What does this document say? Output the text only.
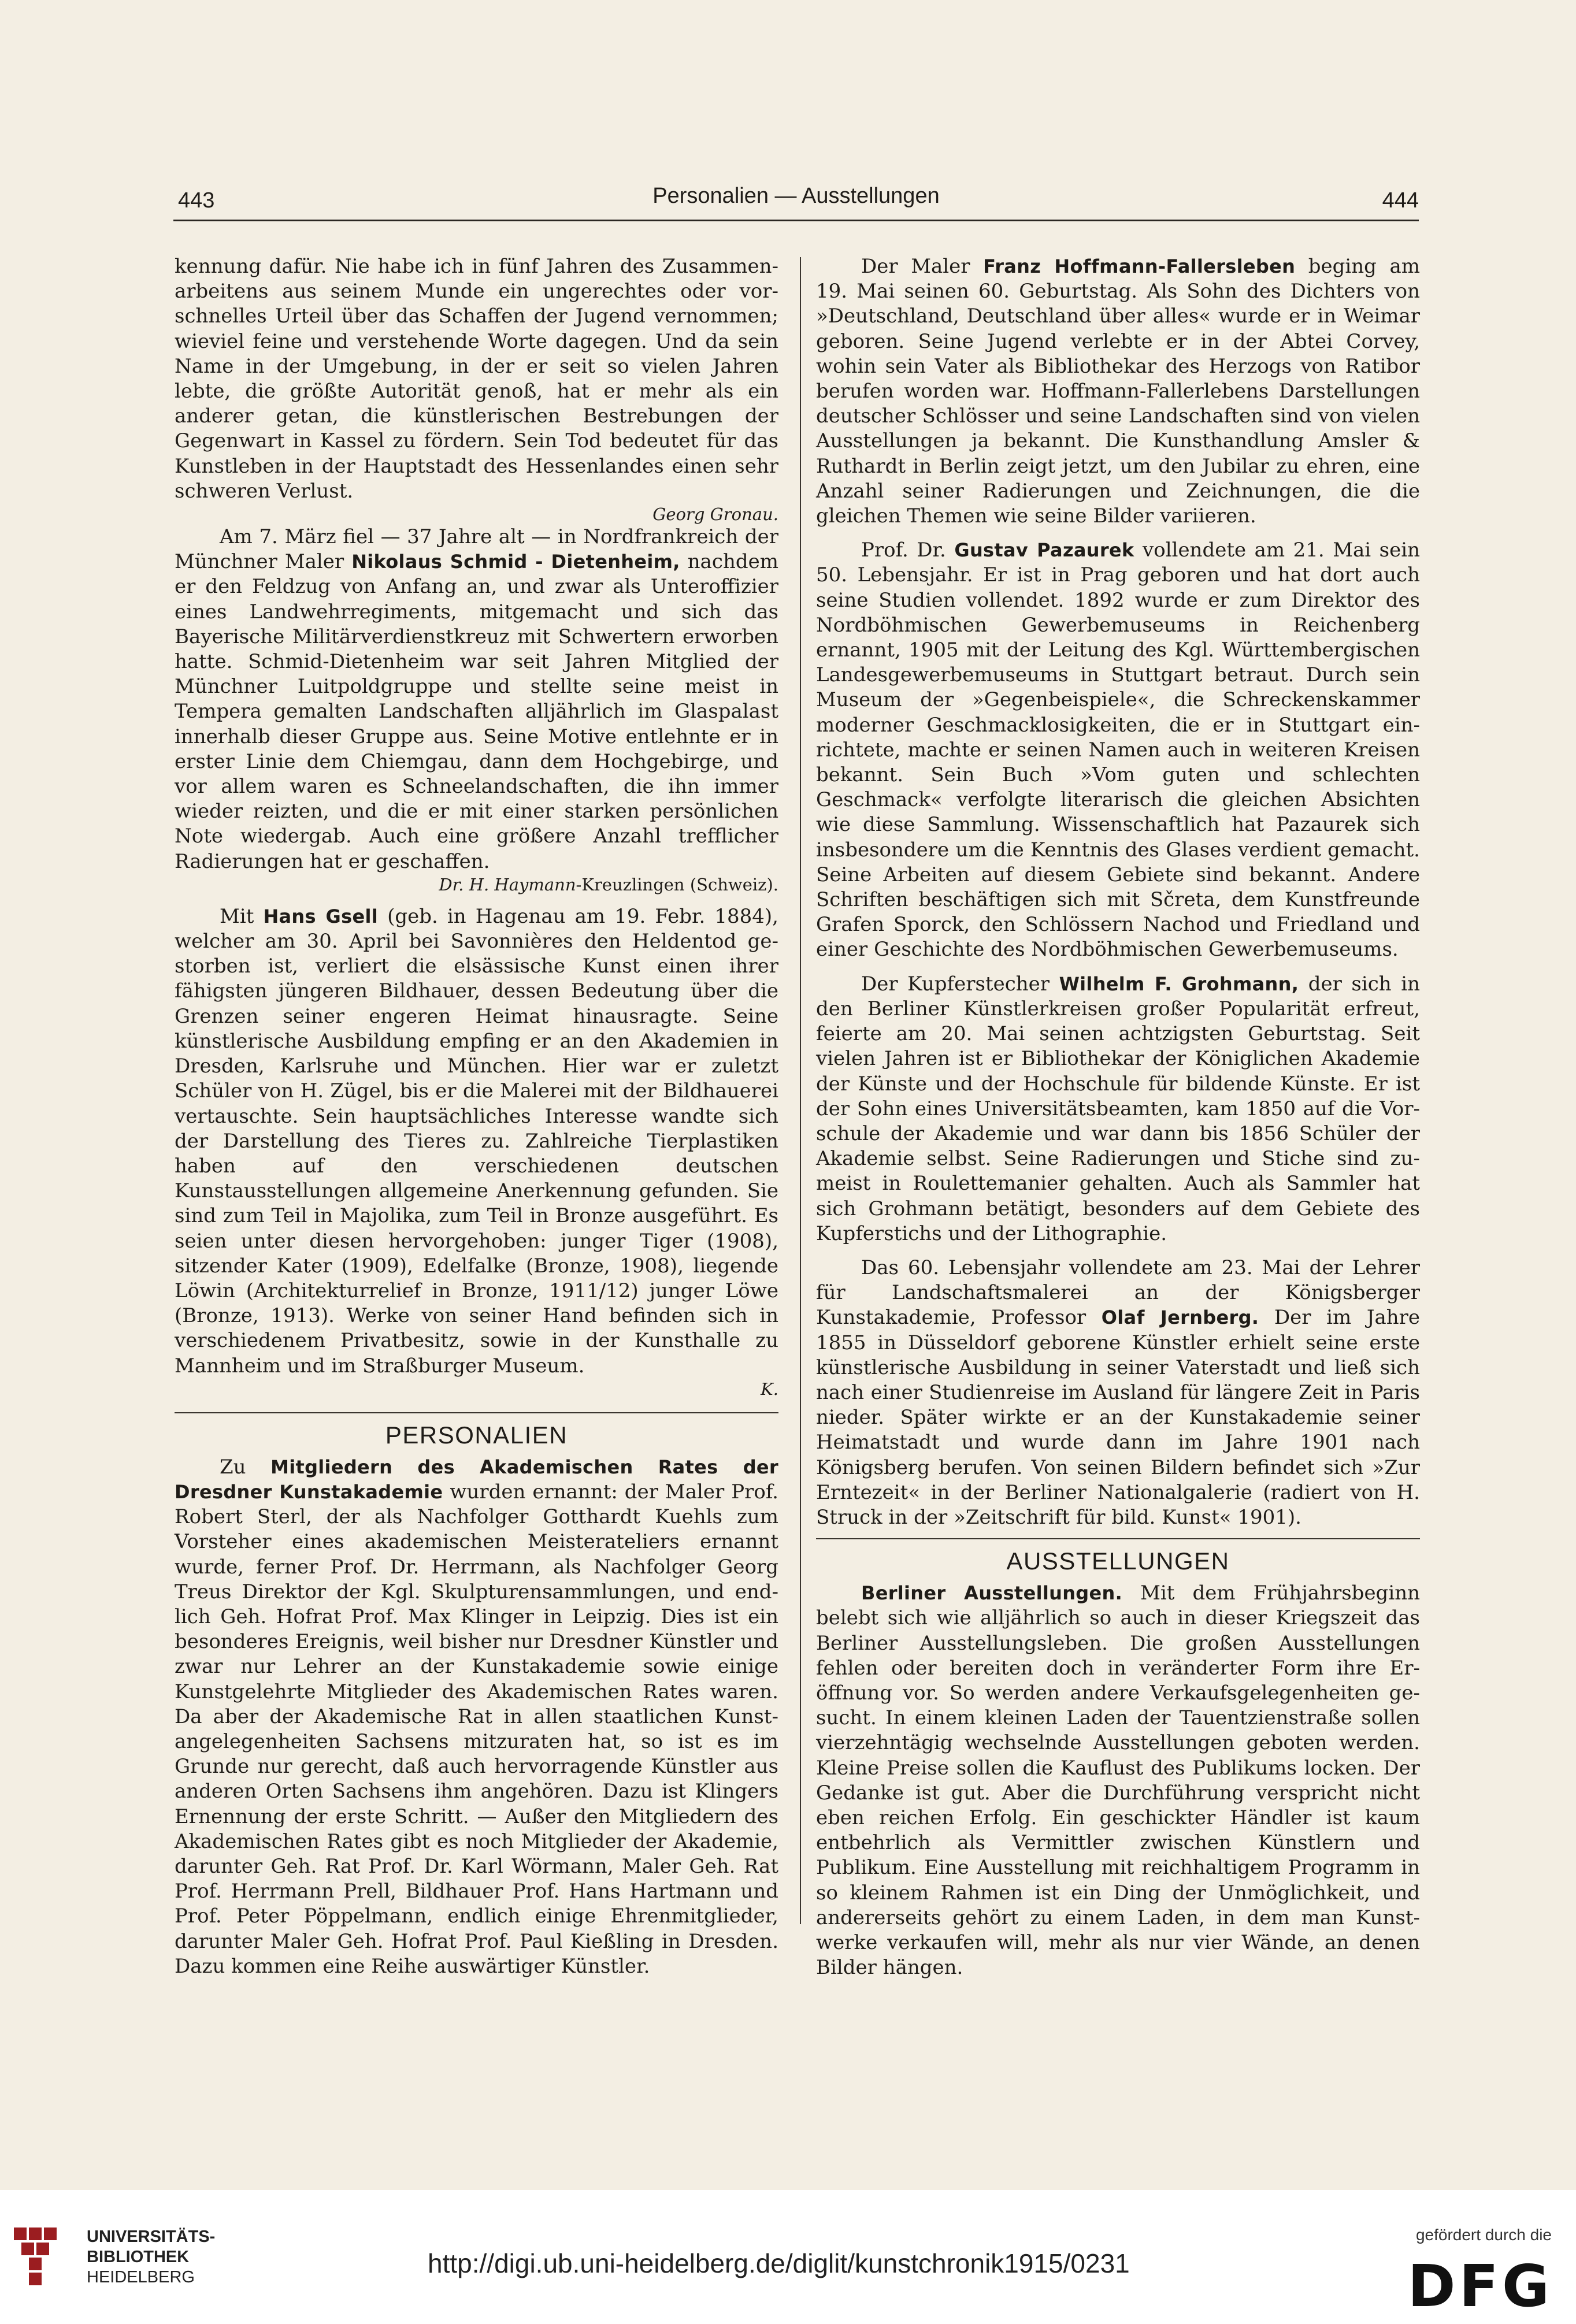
443	Personalien — Ausstellungen	444

kennung dafür. Nie habe ich in fünf Jahren des Zusammenarbeitens aus seinem Munde ein ungerechtes oder vorschnelles Urteil über das Schaffen der Jugend vernommen; wieviel feine und verstehende Worte dagegen. Und da sein Name in der Umgebung, in der er seit so vielen Jahren lebte, die größte Autorität genoß, hat er mehr als ein anderer getan, die künstlerischen Bestrebungen der Gegenwart in Kassel zu fördern. Sein Tod bedeutet für das Kunstleben in der Hauptstadt des Hessenlandes einen sehr schweren Verlust.

Georg Gronau.

Am 7. März fiel — 37 Jahre alt — in Nordfrankreich der Münchner Maler Nikolaus Schmid - Dietenheim, nachdem er den Feldzug von Anfang an, und zwar als Unteroffizier eines Landwehrregiments, mitgemacht und sich das Bayerische Militärverdienstkreuz mit Schwertern erworben hatte. Schmid-Dietenheim war seit Jahren Mitglied der Münchner Luitpoldgruppe und stellte seine meist in Tempera gemalten Landschaften alljährlich im Glaspalast innerhalb dieser Gruppe aus. Seine Motive entlehnte er in erster Linie dem Chiemgau, dann dem Hochgebirge, und vor allem waren es Schneelandschaften, die ihn immer wieder reizten, und die er mit einer starken persönlichen Note wiedergab. Auch eine größere Anzahl trefflicher Radierungen hat er geschaffen.

Dr. H. Haymann-Kreuzlingen (Schweiz).

Mit Hans Gsell (geb. in Hagenau am 19. Febr. 1884), welcher am 30. April bei Savonnières den Heldentod gestorben ist, verliert die elsässische Kunst einen ihrer fähigsten jüngeren Bildhauer, dessen Bedeutung über die Grenzen seiner engeren Heimat hinausragte. Seine künstlerische Ausbildung empfing er an den Akademien in Dresden, Karlsruhe und München. Hier war er zuletzt Schüler von H. Zügel, bis er die Malerei mit der Bildhauerei vertauschte. Sein hauptsächliches Interesse wandte sich der Darstellung des Tieres zu. Zahlreiche Tierplastiken haben auf den verschiedenen deutschen Kunstausstellungen allgemeine Anerkennung gefunden. Sie sind zum Teil in Majolika, zum Teil in Bronze ausgeführt. Es seien unter diesen hervorgehoben: junger Tiger (1908), sitzender Kater (1909), Edelfalke (Bronze, 1908), liegende Löwin (Architekturrelief in Bronze, 1911/12) junger Löwe (Bronze, 1913). Werke von seiner Hand befinden sich in verschiedenem Privatbesitz, sowie in der Kunsthalle zu Mannheim und im Straßburger Museum.

K.

PERSONALIEN

Zu Mitgliedern des Akademischen Rates der Dresdner Kunstakademie wurden ernannt: der Maler Prof. Robert Sterl, der als Nachfolger Gotthardt Kuehls zum Vorsteher eines akademischen Meisterateliers ernannt wurde, ferner Prof. Dr. Herrmann, als Nachfolger Georg Treus Direktor der Kgl. Skulpturensammlungen, und endlich Geh. Hofrat Prof. Max Klinger in Leipzig. Dies ist ein besonderes Ereignis, weil bisher nur Dresdner Künstler und zwar nur Lehrer an der Kunstakademie sowie einige Kunstgelehrte Mitglieder des Akademischen Rates waren. Da aber der Akademische Rat in allen staatlichen Kunstangelegenheiten Sachsens mitzuraten hat, so ist es im Grunde nur gerecht, daß auch hervorragende Künstler aus anderen Orten Sachsens ihm angehören. Dazu ist Klingers Ernennung der erste Schritt. — Außer den Mitgliedern des Akademischen Rates gibt es noch Mitglieder der Akademie, darunter Geh. Rat Prof. Dr. Karl Wörmann, Maler Geh. Rat Prof. Herrmann Prell, Bildhauer Prof. Hans Hartmann und Prof. Peter Pöppelmann, endlich einige Ehrenmitglieder, darunter Maler Geh. Hofrat Prof. Paul Kießling in Dresden. Dazu kommen eine Reihe auswärtiger Künstler.

Der Maler Franz Hoffmann-Fallersleben beging am 19. Mai seinen 60. Geburtstag. Als Sohn des Dichters von »Deutschland, Deutschland über alles« wurde er in Weimar geboren. Seine Jugend verlebte er in der Abtei Corvey, wohin sein Vater als Bibliothekar des Herzogs von Ratibor berufen worden war. Hoffmann-Fallerlebens Darstellungen deutscher Schlösser und seine Landschaften sind von vielen Ausstellungen ja bekannt. Die Kunsthandlung Amsler & Ruthardt in Berlin zeigt jetzt, um den Jubilar zu ehren, eine Anzahl seiner Radierungen und Zeichnungen, die die gleichen Themen wie seine Bilder variieren.

Prof. Dr. Gustav Pazaurek vollendete am 21. Mai sein 50. Lebensjahr. Er ist in Prag geboren und hat dort auch seine Studien vollendet. 1892 wurde er zum Direktor des Nordböhmischen Gewerbemuseums in Reichenberg ernannt, 1905 mit der Leitung des Kgl. Württembergischen Landesgewerbemuseums in Stuttgart betraut. Durch sein Museum der »Gegenbeispiele«, die Schreckenskammer moderner Geschmacklosigkeiten, die er in Stuttgart einrichtete, machte er seinen Namen auch in weiteren Kreisen bekannt. Sein Buch »Vom guten und schlechten Geschmack« verfolgte literarisch die gleichen Absichten wie diese Sammlung. Wissenschaftlich hat Pazaurek sich insbesondere um die Kenntnis des Glases verdient gemacht. Seine Arbeiten auf diesem Gebiete sind bekannt. Andere Schriften beschäftigen sich mit Sčreta, dem Kunstfreunde Grafen Sporck, den Schlössern Nachod und Friedland und einer Geschichte des Nordböhmischen Gewerbemuseums.

Der Kupferstecher Wilhelm F. Grohmann, der sich in den Berliner Künstlerkreisen großer Popularität erfreut, feierte am 20. Mai seinen achtzigsten Geburtstag. Seit vielen Jahren ist er Bibliothekar der Königlichen Akademie der Künste und der Hochschule für bildende Künste. Er ist der Sohn eines Universitätsbeamten, kam 1850 auf die Vorschule der Akademie und war dann bis 1856 Schüler der Akademie selbst. Seine Radierungen und Stiche sind zumeist in Roulettemanier gehalten. Auch als Sammler hat sich Grohmann betätigt, besonders auf dem Gebiete des Kupferstichs und der Lithographie.

Das 60. Lebensjahr vollendete am 23. Mai der Lehrer für Landschaftsmalerei an der Königsberger Kunstakademie, Professor Olaf Jernberg. Der im Jahre 1855 in Düsseldorf geborene Künstler erhielt seine erste künstlerische Ausbildung in seiner Vaterstadt und ließ sich nach einer Studienreise im Ausland für längere Zeit in Paris nieder. Später wirkte er an der Kunstakademie seiner Heimatstadt und wurde dann im Jahre 1901 nach Königsberg berufen. Von seinen Bildern befindet sich »Zur Erntezeit« in der Berliner Nationalgalerie (radiert von H. Struck in der »Zeitschrift für bild. Kunst« 1901).

AUSSTELLUNGEN

Berliner Ausstellungen. Mit dem Frühjahrsbeginn belebt sich wie alljährlich so auch in dieser Kriegszeit das Berliner Ausstellungsleben. Die großen Ausstellungen fehlen oder bereiten doch in veränderter Form ihre Eröffnung vor. So werden andere Verkaufsgelegenheiten gesucht. In einem kleinen Laden der Tauentzienstraße sollen vierzehntägig wechselnde Ausstellungen geboten werden. Kleine Preise sollen die Kauflust des Publikums locken. Der Gedanke ist gut. Aber die Durchführung verspricht nicht eben reichen Erfolg. Ein geschickter Händler ist kaum entbehrlich als Vermittler zwischen Künstlern und Publikum. Eine Ausstellung mit reichhaltigem Programm in so kleinem Rahmen ist ein Ding der Unmöglichkeit, und andererseits gehört zu einem Laden, in dem man Kunstwerke verkaufen will, mehr als nur vier Wände, an denen Bilder hängen.

UNIVERSITÄTS-
BIBLIOTHEK
HEIDELBERG	http://digi.ub.uni-heidelberg.de/diglit/kunstchronik1915/0231
gefördert durch die
DFG
